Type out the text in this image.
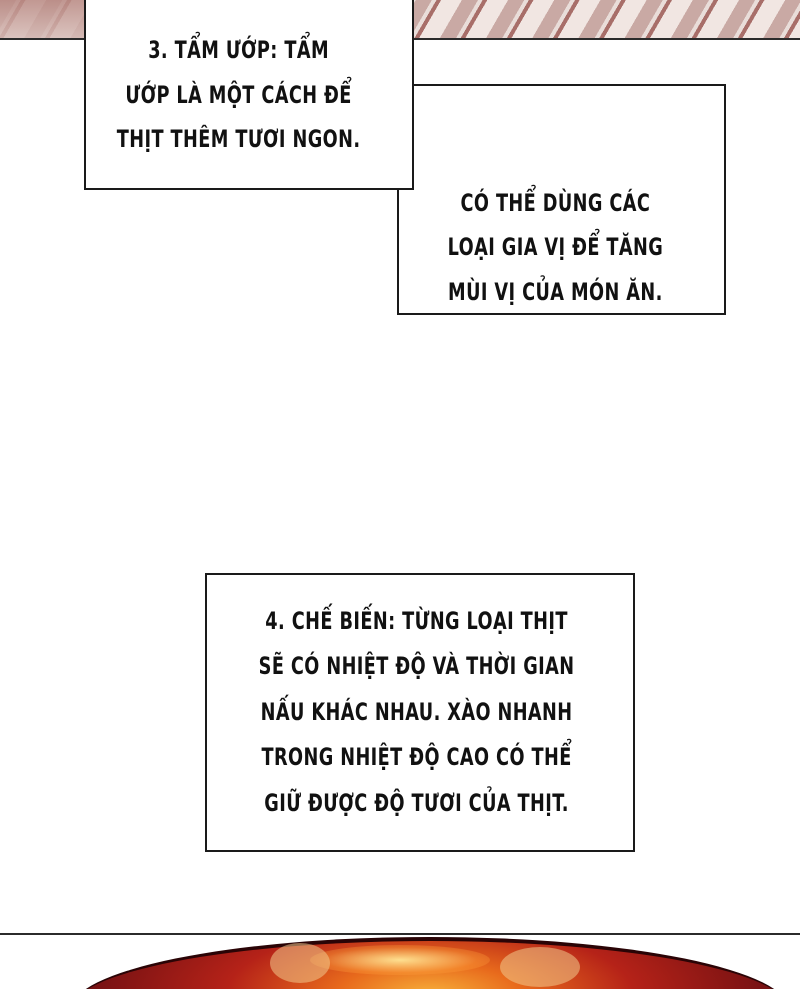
3. TẨM ƯỚP: TẨM
ƯỚP LÀ MỘT CÁCH ĐỂ
THỊT THÊM TƯƠI NGON.
CÓ THỂ DÙNG CÁC
LOẠI GIA VỊ ĐỂ TĂNG
MÙI VỊ CỦA MÓN ĂN.
4. CHẾ BIẾN: TỪNG LOẠI THỊT
SẼ CÓ NHIỆT ĐỘ VÀ THỜI GIAN
NẤU KHÁC NHAU. XÀO NHANH
TRONG NHIỆT ĐỘ CAO CÓ THỂ
GIỮ ĐƯỢC ĐỘ TƯƠI CỦA THỊT.
